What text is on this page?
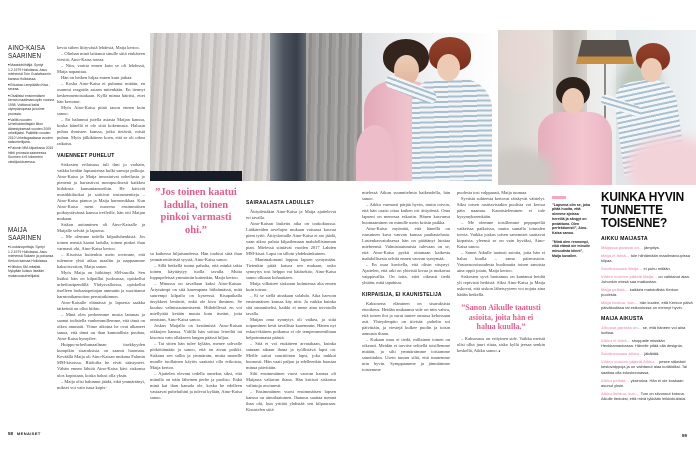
AINO-KAISA SAARINEN

■ Maastohiihtäjä. Syntyi 1.2.1979 Hollolassa. Asuu miehensä Tom Gustafssonin kanssa Hollolassa.

■ Edustaa Lempäälän Kisa -seuraa.

■ Osallistui ensimmäisen kerran maailmancupiin vuonna 1998. Voittanut kaksi olympiahopeaa ja kolme pronssia.

■ Valittu vuoden Urheilutoimittajain liiton äänestyksessä vuoden 2009 urheilijaksi. Palkittiin vuoden 2010 Urheilugaalassa vuoden naisurheilijana.

■ Falunin MM-kilpailussa 2015 hiihti pronssia saaneessa Suomen 4×5 kilometrin viestijoukkueessa.

MAIJA SAARINEN

■ Luokanopettaja. Syntyi 1.2.1979 Hollolassa. Asuu miehensä Sakarin ja poikansa Kerkon kanssa Hollolassa.

■ Hiihdon SM-mitalisti. Nykyään kutsuu itseään mukavuusurheilijaksi.

kevia siihen liittyvästä lehdestä, Maija kertoo.

– Olinhan minä laittanut sinulle siitä etukäteen viestiä, Aino-Kaisa toteaa.

– Niin, varttia ennen kuin se oli lehdessä, Maija napauttaa.

Hän on hetken hiljaa ennen kuin jatkaa:

– Koska Aino-Kaisa ei puhunut mitään, en osannut reagoida asiaan mitenkään. En tiennyt keskenmenoistakaan. Kyllä minua häiritsi, ettei hän kertonut.

Myös Aino-Kaisa pitää tauon ennen kuin sanoo:

– En halunnut jutella asiasta Maijan kanssa, koska hänellä ei ole siitä kokemusta. Halusin puhua ihmisten kanssa, jotka tietävät, mistä puhun. Myös jälkikäteen koen, että se oli oikea ratkaisu.

VAIENNEET PUHELUT

Siskosten erilaisuus tuli ilmi jo varhain, vaikka heidän lapsuutensa kulki samoja polkuja. Aino-Kaisa ja Maija innostuivat urheilusta jo pienenä ja harrastivat monipuolisesti kaikkea hiihdosta kansantansseihin. He kävivät musiikkiluokat ja soittivat instrumentteja – Aino-Kaisa pianoa ja Maija harmonikkaa. Kun Aino-Kaisa meni nuorena ensimmäisen poikaystävänsä kanssa treffeille, hän otti Maijan mukaan.

Siskon auttaminen oli Aino-Kaisalle ja Maijalle selvää jo lapsena.

– Me olemme todella kilpailuhenkisiä. Jos toinen meistä kaatui ladulla, toinen pinkoi ihan varmasti ohi, Aino-Kaisa kertoo.

– Kisoissa kuitenkin usein sovimme, että tulemme yhtä aikaa maaliin ja nappaamme kaksoisvoiton, Maija sanoo.

Myös Maija on hiihtänyt SM-tasolla. Sen lisäksi hän on kilpaillut juoksussa, opiskellut urheilustipendillä Yhdysvalloissa, opiskellut itselleen luokanopettajan ammatin ja suorittanut harmonikansoiton perustutkinnon.

Aino-Kaisalle elämässä jo lapsesta saakka tärkeintä on ollut hiihto.

– Minä olen perheemme musta lammas ja saanut todistella vanhemmillemme, että tämä on oikea ammatti. Viime aikoina he ovat alkaneet sanoa, että tämä on ihan kunniallista puuhaa, Aino-Kaisa hymyilee.

Huippu-urheilumaailman itsekkyyden kumpikin sisaruksista on saanut huomata. Keväällä Maija oli Aino-Kaisan mukana Falunin MM-kisoissa. Riidoilta he eivät säästyneet. Vähän ennen lähtöä Aino-Kaisa kävi siskonsa ulos kopistaan, koska halusi olla yksin.

– Maija olisi halunnut jäädä, eikä ymmärtänyt, miksei voi vain istua kopis-

”Jos toinen kaatui ladulla, toinen pinkoi varmasti ohi.”

sa kaikessa hiljaisuudessa. Hän tuohtui siitä ihan ymmärrettävästä syystä, Aino-Kaisa sanoo.

– Sillä hetkellä tuntui pahalta, että minkä takia toinen käyttäytyy tuolla tavalla. Mutta loppupeleissä ymmärrän kuitenkin, Maija kertoo.

– Minussa on tavallaan kaksi Aino-Kaisaa. Ärtyisämpi on sitä kasempana hiihtämässä, mitä suurempi kilpailu on kyseessä. Kisapaikalla ärsykkeet lentävät, enkä ole kiva ihminen. Se kuuluu valmistautumiseeni. Hiihdellessä en voi miellyttää ketään muuta kuin itseäni, jotta onnistun, Aino-Kaisa sanoo.

Joskus Maijalla on kestämistä Aino-Kaisan oikkujen kanssa. Välillä hän soittaa leireiltä tai kisoista vain ollakseen langan päässä hiljaa.

– Tai sitten hän tulee kylään, menee sohvalle pötköttämään ja sanoo, että on aivan poikki. Siskona sen sallin ja ymmärrän, mutta monelle muulle tuollainen käytös saattaisi olla erikoista, Maija kertoo.

– Ajattelen olevani todella onnekas siksi, että minulla on näin läheinen perhe ja puoliso. Enkä minä kai ihan kamala ole, koska he edelleen vastaavat puheluihini ja tulevat kylään, Aino-Kaisa sanoo.

SAIRAALASTA LADULLE?

Äitiydestäkin Aino-Kaisa ja Maija ajattelevat eri tavalla.

Aino-Kaisan laskettu aika on toukokuussa. Lääkäreiden arvelujen mukaan vatsassa kasvaa pieni tyttö. Äitiyslomalle Aino-Kaisa ei aio jäädä, vaan aikoo palata kilpailemaan mahdollisimman pian. Mielessä siintävät vuoden 2017 Lahden MM-kisat. Lapsi on silloin yhdeksänkuinen.

– Mammalomani loppuu lapsen syntymään. Tietenkin pitää katsoa sen mukaan, onko synnytys tosi helppo vai hätäsektio, Aino-Kaisa sanoo olkiaan kohauttaen.

Maija vilkaisee siskoaan kulmiensa alta ennen kuin toteaa:

– Ei se siellä ainakaan solahda. Aika harvoin ensimmäisen kanssa käy niin. Ja vaikka kuinka sitä suunnittelisi, kaikki ei mene aina toivotulla tavalla.

Maijan oma synnytys oli vaikea, ja siitä toipuminen kesti tavallista kauemmin. Hänen nyt eskari-ikäinen poikansa ei ole temperamentiltaan helpoimmasta päästä.

– Sitä ei voi etukäteen arvatakaan, kuinka samaan aikaan ihana ja työllistävä lapsi on. Meille sattui suuritöinen lapsi, joka nukkui huonosti. Hän vaati paljon ja edelleenkin haastaa minua päivittäin.

Silti ensimmäinen vuosi vauvan kanssa oli Maijasta valtavan ihana. Hän kritisoi siskonsa valintoja avoimesti.

– Ensimmäinen vuosi ensimmäisen lapsen kanssa on ainutlaatuinen. Ihanuus saattaa mennä ihan ohi, kun yrittää yhdistää sen kilpauraan. Kisustelen siitä

58 MENAISET

mielessä Aikun suunnitelmia haikeudella, hän sanoo.

– Aikku varmasti pärjää hyvin, mutta toivon, että hän osaisi ottaa kaiken irti äitiydestä. Oma lapseni on menossa eskariin. Hänen kasvunsa huomaaminen on minulle usein kriisin paikka.

Aino-Kaisa myöntää, että hänellä on ruusuinen kuva vauvan kanssa puuhastelusta. Lastenkasvatuksessa hän on päättänyt luottaa mieheensä. Valmistautumista tulevaan on se, että Aino-Kaisa pyrkii ottamaan kaikesta mahdollisesta selvää ennen vauvan syntymää.

– En osaa kuvitella, että olisin väsynyt. Ajattelen, että arki on yhteistä kivaa ja mukavaa vaippavallia. On totta, ettei oikeasti tiedä yhtään, mitä tapahtuu.

KIRPAISIJA, EI KAUNISTELIJA

Kaksosena eläminen on sisaruksista etuoikeus. Heidän mukaansa side on niin vahva, että toisen ilot ja surut tuntee omassa kehossaan asti. Yhteydenpito on tiivistä: puhelin soi päivittäin, ja viestejä kulkee puolin ja toisin aamusta iltaan.

– Kukaan muu ei tiedä, millainen toinen on oikeasti. Meidän ei tarvitse selitellä toisillemme mitään, ja silti ymmärrämme toisiamme sanoittakin. Usein tuntuu siltä, että tunnemme niin hyvin. Symppaamme ja jännitämme toistemme

puolesta tosi valppaasti, Maija tuumaa.

Syvästä suhteesta kertovat räiskyvät väittelyt. Siksi toisen rasittavistakin puolista voi kertoa päin naamaa. Kaunisteleminen ei tule kysymykseenkään.

– Me olemme toisillemme peppupeiliä vaikeissa paikoissa, mutta samalla totuuden torvia. Vaikka joskus toisen sanomiset saattavat kirpaista, yleensä se on vain hyväksi, Aino-Kaisa sanoo.

– Sanon Aikulle taatusti asioita, joita hän ei halua kuulla – sama päinvastoin. Vastavuoroisuudesta huolimatta toisen sanoista aina oppii jotain, Maija kertoo.

Siskosten syvä luottamus on kantanut heidät yli repivistä hetkistä. Siksi Aino-Kaisa ja Maija uskovat, että siskon läheisyyteen voi nojata aina hädän hetkellä.

”Sanon Aikulle taatusti asioita, joita hän ei halua kuulla.”

– Kaksosuus on erityinen side. Vaikka meistä olisi ollut juuri riitaa, sisko kyllä jeesaa senkin keskellä, Aikku sanoo. ●

”Lapsena olin se, joka pitää huolta, että olemme ajoissa hereillä ja sängyt on pedattuna. Olen perfektionisti”, Aino-Kaisa sanoo.

”Minä olen rennompi, eikä elämä ole minulle minuutista kiinni”, Maija kuvailee.

KUINKA HYVIN TUNNETTE TOISENNE?
AIKKU MAIJASTA

Maijassa parasta on… jämptiys.

Maija ei ikinä… tule hiihtämään maailmancupissa kilpaa.

Suuttuessaan Maija… ei puhu mitään.

Viiden vuoden päästä Maija… on vaihtanut alaa. Johonkin missä saa matkustaa.

Maija pelkää… kaikkea mahdollista Kerkon puolesta.

Maija ilahtuu, kun… hän kuulee, että Kerkon päivä päiväkodissa tai esikoulussa on mennyt hyvin.

MAIJA AIKUSTA

Aikussa parasta on… se, että häneen voi aina luottaa.

Aikku ei ikinä… shoppaile missään Henkkamaukassa. Hänelle pitää olla designia.

Suuttuessaan Aikku… jäkättää.

Viiden vuoden päästä Aikku… pesee sitkeästi kestovaippoja ja on vaihtanut alaa kotiäidiksi. Tai saattaa olla eduskunnassa.

Aikku pelkää… yksinoloa. Hän ei ole koskaan asunut yksin.

Aikku ilahtuu, kun… Tom on siivonnut kotona. Aikulle tiedoksi, että minä tykkään leikkokukista.

59
